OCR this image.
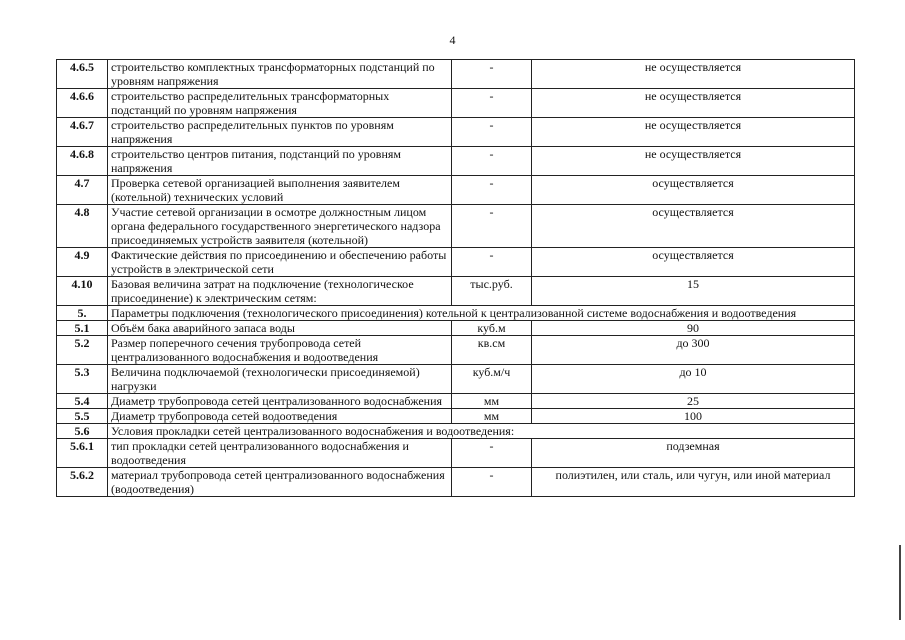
4
4.6.5	строительство комплектных трансформаторных подстанций по уровням напряжения	-	не осуществляется
4.6.6	строительство распределительных трансформаторных подстанций по уровням напряжения	-	не осуществляется
4.6.7	строительство распределительных пунктов по уровням напряжения	-	не осуществляется
4.6.8	строительство центров питания, подстанций по уровням напряжения	-	не осуществляется
4.7	Проверка сетевой организацией выполнения заявителем (котельной) технических условий	-	осуществляется
4.8	Участие сетевой организации в осмотре должностным лицом органа федерального государственного энергетического надзора присоединяемых устройств заявителя (котельной)	-	осуществляется
4.9	Фактические действия по присоединению и обеспечению работы устройств в электрической сети	-	осуществляется
4.10	Базовая величина затрат на подключение (технологическое присоединение) к электрическим сетям:	тыс.руб.	15
5.	Параметры подключения (технологического присоединения) котельной к централизованной системе водоснабжения и водоотведения		
5.1	Объём бака аварийного запаса воды	куб.м	90
5.2	Размер поперечного сечения трубопровода сетей централизованного водоснабжения и водоотведения	кв.см	до 300
5.3	Величина подключаемой (технологически присоединяемой) нагрузки	куб.м/ч	до 10
5.4	Диаметр трубопровода сетей централизованного водоснабжения	мм	25
5.5	Диаметр трубопровода сетей водоотведения	мм	100
5.6	Условия прокладки сетей централизованного водоснабжения и водоотведения:		
5.6.1	тип прокладки сетей централизованного водоснабжения и водоотведения	-	подземная
5.6.2	материал трубопровода сетей централизованного водоснабжения (водоотведения)	-	полиэтилен, или сталь, или чугун, или иной материал
